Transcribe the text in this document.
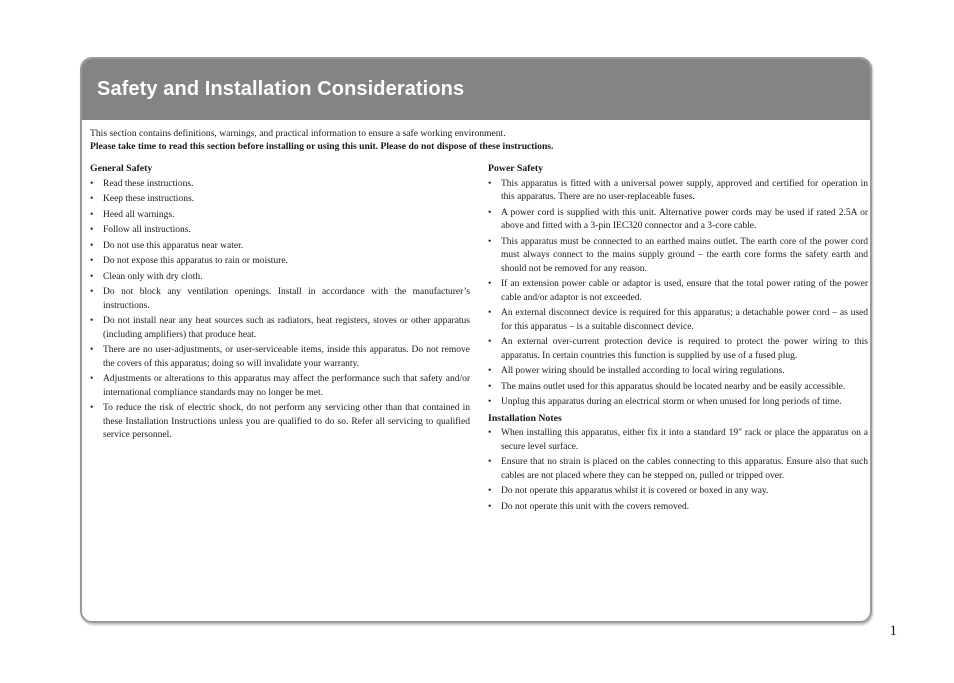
Safety and Installation Considerations
This section contains definitions, warnings, and practical information to ensure a safe working environment.
Please take time to read this section before installing or using this unit. Please do not dispose of these instructions.
General Safety
• Read these instructions.
• Keep these instructions.
• Heed all warnings.
• Follow all instructions.
• Do not use this apparatus near water.
• Do not expose this apparatus to rain or moisture.
• Clean only with dry cloth.
• Do not block any ventilation openings. Install in accordance with the manufacturer’s instructions.
• Do not install near any heat sources such as radiators, heat registers, stoves or other apparatus (including amplifiers) that produce heat.
• There are no user-adjustments, or user-serviceable items, inside this apparatus. Do not remove the covers of this apparatus; doing so will invalidate your warranty.
• Adjustments or alterations to this apparatus may affect the performance such that safety and/or international compliance standards may no longer be met.
• To reduce the risk of electric shock, do not perform any servicing other than that contained in these Installation Instructions unless you are qualified to do so. Refer all servicing to qualified service personnel.
Power Safety
• This apparatus is fitted with a universal power supply, approved and certified for operation in this apparatus. There are no user-replaceable fuses.
• A power cord is supplied with this unit. Alternative power cords may be used if rated 2.5A or above and fitted with a 3-pin IEC320 connector and a 3-core cable.
• This apparatus must be connected to an earthed mains outlet. The earth core of the power cord must always connect to the mains supply ground – the earth core forms the safety earth and should not be removed for any reason.
• If an extension power cable or adaptor is used, ensure that the total power rating of the power cable and/or adaptor is not exceeded.
• An external disconnect device is required for this apparatus; a detachable power cord – as used for this apparatus – is a suitable disconnect device.
• An external over-current protection device is required to protect the power wiring to this apparatus. In certain countries this function is supplied by use of a fused plug.
• All power wiring should be installed according to local wiring regulations.
• The mains outlet used for this apparatus should be located nearby and be easily accessible.
• Unplug this apparatus during an electrical storm or when unused for long periods of time.
Installation Notes
• When installing this apparatus, either fix it into a standard 19" rack or place the apparatus on a secure level surface.
• Ensure that no strain is placed on the cables connecting to this apparatus. Ensure also that such cables are not placed where they can be stepped on, pulled or tripped over.
• Do not operate this apparatus whilst it is covered or boxed in any way.
• Do not operate this unit with the covers removed.
1
